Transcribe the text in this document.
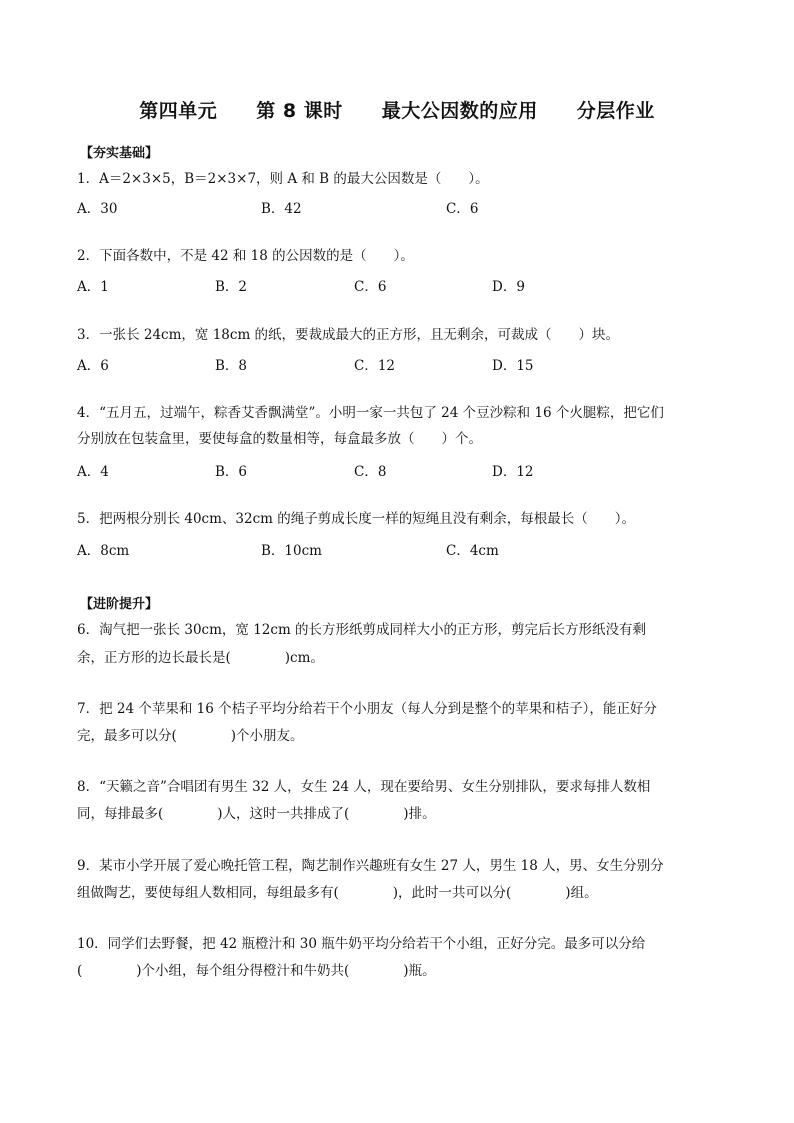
第四单元　　第 8 课时　　最大公因数的应用　　分层作业
【夯实基础】
1．A＝2×3×5，B＝2×3×7，则 A 和 B 的最大公因数是（　　）。
A．30	B．42	C．6
2．下面各数中，不是 42 和 18 的公因数的是（　　）。
A．1	B．2	C．6	D．9
3．一张长 24cm，宽 18cm 的纸，要裁成最大的正方形，且无剩余，可裁成（　　）块。
A．6	B．8	C．12	D．15
4．“五月五，过端午，粽香艾香飘满堂”。小明一家一共包了 24 个豆沙粽和 16 个火腿粽，把它们
分别放在包装盒里，要使每盒的数量相等，每盒最多放（　　）个。
A．4	B．6	C．8	D．12
5．把两根分别长 40cm、32cm 的绳子剪成长度一样的短绳且没有剩余，每根最长（　　）。
A．8cm	B．10cm	C．4cm
【进阶提升】
6．淘气把一张长 30cm，宽 12cm 的长方形纸剪成同样大小的正方形，剪完后长方形纸没有剩
余，正方形的边长最长是(　　　　)cm。
7．把 24 个苹果和 16 个桔子平均分给若干个小朋友（每人分到是整个的苹果和桔子），能正好分
完，最多可以分(　　　　)个小朋友。
8．“天籁之音”合唱团有男生 32 人，女生 24 人，现在要给男、女生分别排队，要求每排人数相
同，每排最多(　　　　)人，这时一共排成了(　　　　)排。
9．某市小学开展了爱心晚托管工程，陶艺制作兴趣班有女生 27 人，男生 18 人，男、女生分别分
组做陶艺，要使每组人数相同，每组最多有(　　　　)，此时一共可以分(　　　　)组。
10．同学们去野餐，把 42 瓶橙汁和 30 瓶牛奶平均分给若干个小组，正好分完。最多可以分给
(　　　　)个小组，每个组分得橙汁和牛奶共(　　　　)瓶。
